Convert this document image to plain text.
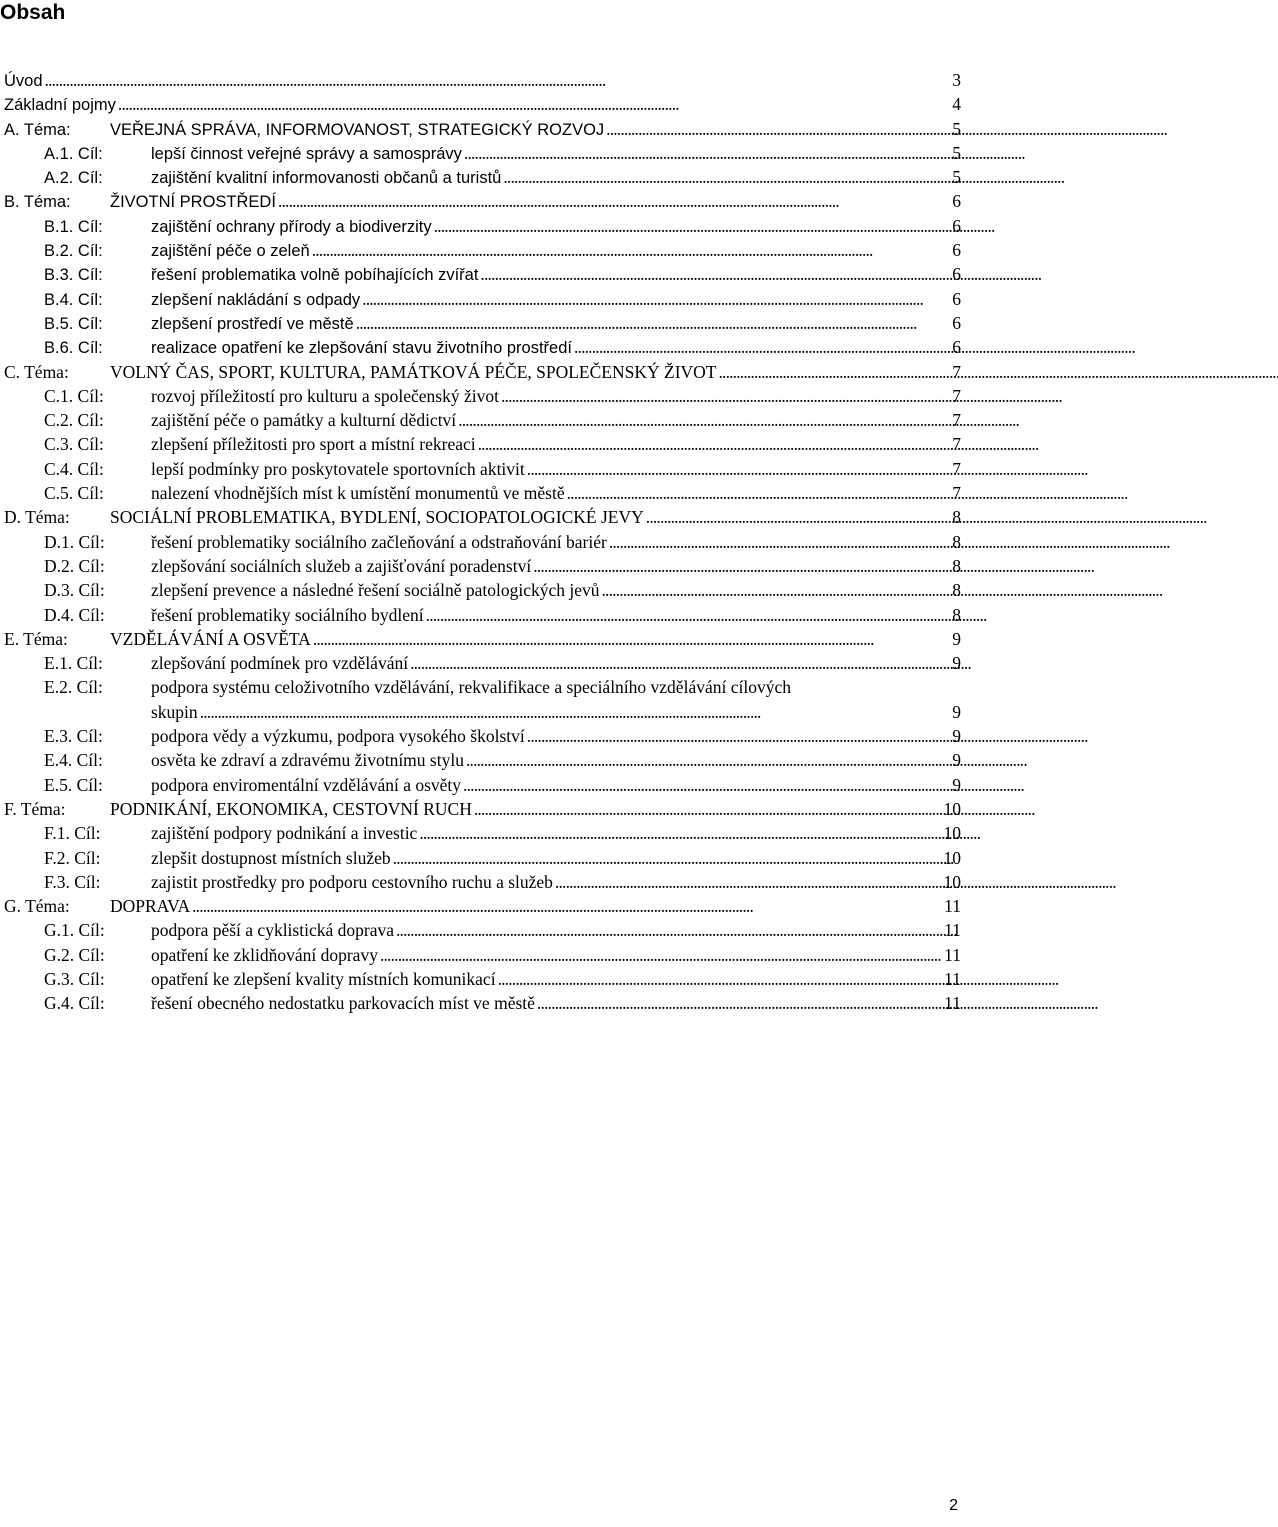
Obsah
Úvod . . .	3
Základní pojmy . . .	4
A. Téma:	VEŘEJNÁ SPRÁVA, INFORMOVANOST, STRATEGICKÝ ROZVOJ . . .	5
A.1. Cíl:	lepší činnost veřejné správy a samosprávy . . .	5
A.2. Cíl:	zajištění kvalitní informovanosti občanů a turistů . . .	5
B. Téma:	ŽIVOTNÍ PROSTŘEDÍ . . .	6
B.1. Cíl:	zajištění ochrany přírody a biodiverzity . . .	6
B.2. Cíl:	zajištění péče o zeleň . . .	6
B.3. Cíl:	řešení problematika volně pobíhajících zvířat . . .	6
B.4. Cíl:	zlepšení nakládání s odpady . . .	6
B.5. Cíl:	zlepšení prostředí ve městě . . .	6
B.6. Cíl:	realizace opatření ke zlepšování stavu životního prostředí . . .	6
C. Téma:	VOLNÝ ČAS, SPORT, KULTURA, PAMÁTKOVÁ PÉČE, SPOLEČENSKÝ ŽIVOT . . .	7
C.1. Cíl:	rozvoj příležitostí pro kulturu a společenský život . . .	7
C.2. Cíl:	zajištění péče o památky a kulturní dědictví . . .	7
C.3. Cíl:	zlepšení příležitosti pro sport a místní rekreaci . . .	7
C.4. Cíl:	lepší podmínky pro poskytovatele sportovních aktivit . . .	7
C.5. Cíl:	nalezení vhodnějších míst k umístění monumentů ve městě . . .	7
D. Téma:	SOCIÁLNÍ PROBLEMATIKA, BYDLENÍ, SOCIOPATOLOGICKÉ JEVY . . .	8
D.1. Cíl:	řešení problematiky sociálního začleňování a odstraňování bariér . . .	8
D.2. Cíl:	zlepšování sociálních služeb a zajišťování poradenství . . .	8
D.3. Cíl:	zlepšení prevence a následné řešení sociálně patologických jevů . . .	8
D.4. Cíl:	řešení problematiky sociálního bydlení . . .	8
E. Téma:	VZDĚLÁVÁNÍ A OSVĚTA . . .	9
E.1. Cíl:	zlepšování podmínek pro vzdělávání . . .	9
E.2. Cíl:	podpora systému celoživotního vzdělávání, rekvalifikace a speciálního vzdělávání cílových
skupin . . .	9
E.3. Cíl:	podpora vědy a výzkumu, podpora vysokého školství . . .	9
E.4. Cíl:	osvěta ke zdraví a zdravému životnímu stylu . . .	9
E.5. Cíl:	podpora enviromentální vzdělávání a osvěty . . .	9
F. Téma:	PODNIKÁNÍ, EKONOMIKA, CESTOVNÍ RUCH . . .	10
F.1. Cíl:	zajištění podpory podnikání a investic . . .	10
F.2. Cíl:	zlepšit dostupnost místních služeb . . .	10
F.3. Cíl:	zajistit prostředky pro podporu cestovního ruchu a služeb . . .	10
G. Téma:	DOPRAVA . . .	11
G.1. Cíl:	podpora pěší a cyklistická doprava . . .	11
G.2. Cíl:	opatření ke zklidňování dopravy . . .	11
G.3. Cíl:	opatření ke zlepšení kvality místních komunikací . . .	11
G.4. Cíl:	řešení obecného nedostatku parkovacích míst ve městě . . .	11
2
